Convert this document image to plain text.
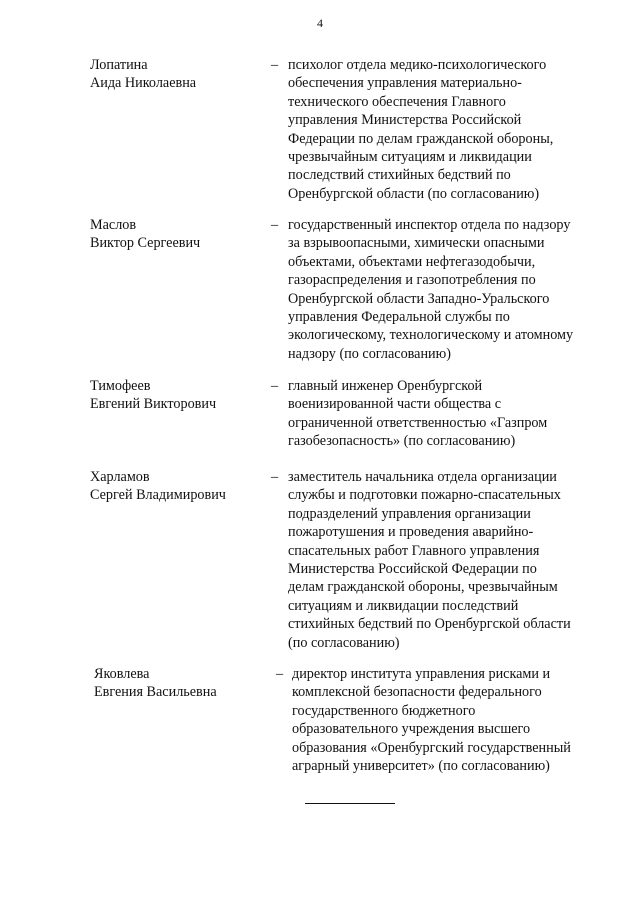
4
Лопатина
Аида Николаевна
– психолог отдела медико-психологического
обеспечения управления материально-
технического обеспечения Главного
управления Министерства Российской
Федерации по делам гражданской обороны,
чрезвычайным ситуациям и ликвидации
последствий стихийных бедствий по
Оренбургской области (по согласованию)
Маслов
Виктор Сергеевич
– государственный инспектор отдела по надзору
за взрывоопасными, химически опасными
объектами, объектами нефтегазодобычи,
газораспределения и газопотребления по
Оренбургской области Западно-Уральского
управления Федеральной службы по
экологическому, технологическому и атомному
надзору (по согласованию)
Тимофеев
Евгений Викторович
– главный инженер Оренбургской
военизированной части общества с
ограниченной ответственностью «Газпром
газобезопасность» (по согласованию)
Харламов
Сергей Владимирович
– заместитель начальника отдела организации
службы и подготовки пожарно-спасательных
подразделений управления организации
пожаротушения и проведения аварийно-
спасательных работ Главного управления
Министерства Российской Федерации по
делам гражданской обороны, чрезвычайным
ситуациям и ликвидации последствий
стихийных бедствий по Оренбургской области
(по согласованию)
Яковлева
Евгения Васильевна
– директор института управления рисками и
комплексной безопасности федерального
государственного бюджетного
образовательного учреждения высшего
образования «Оренбургский государственный
аграрный университет» (по согласованию)
